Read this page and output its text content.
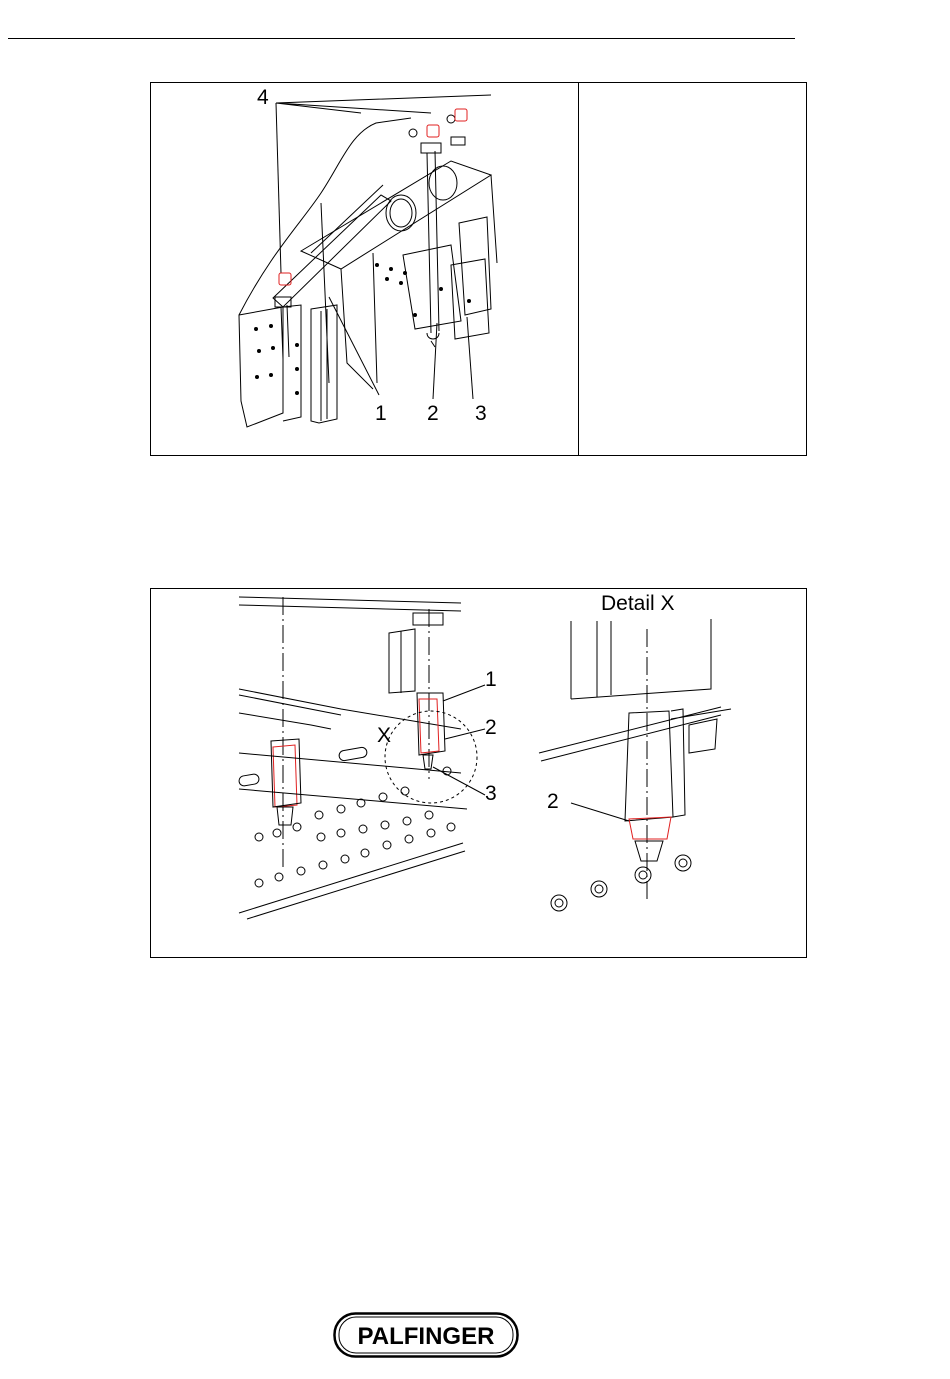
4
1 2 3
1
2
3
X
Detail X
2
PALFINGER
